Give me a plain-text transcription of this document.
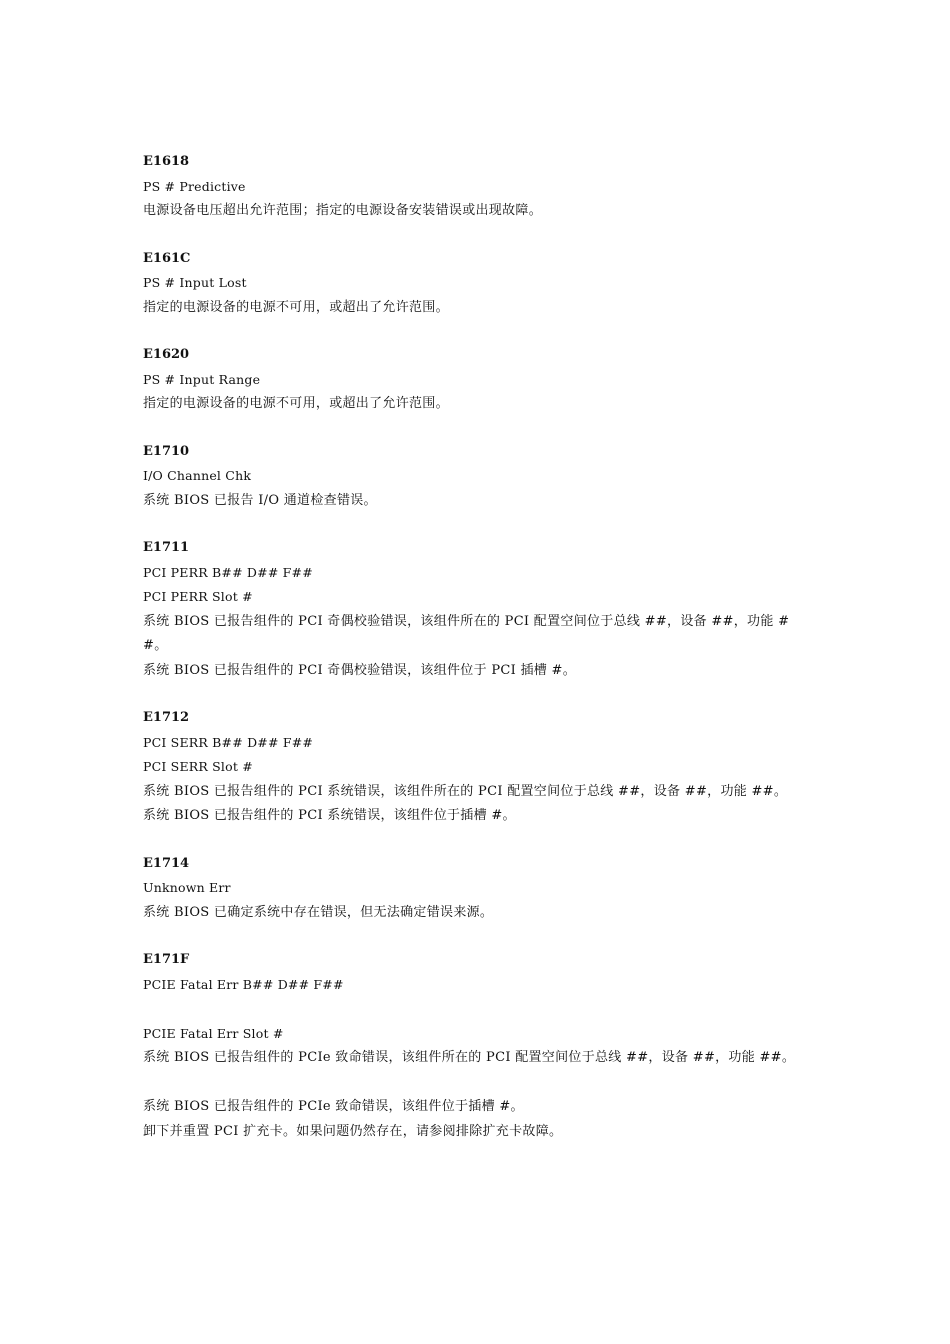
E1618
PS # Predictive
电源设备电压超出允许范围；指定的电源设备安装错误或出现故障。
E161C
PS # Input Lost
指定的电源设备的电源不可用，或超出了允许范围。
E1620
PS # Input Range
指定的电源设备的电源不可用，或超出了允许范围。
E1710
I/O Channel Chk
系统 BIOS 已报告 I/O 通道检查错误。
E1711
PCI PERR B## D## F##
PCI PERR Slot #
系统 BIOS 已报告组件的 PCI 奇偶校验错误，该组件所在的 PCI 配置空间位于总线 ##，设备 ##，功能 ##。
系统 BIOS 已报告组件的 PCI 奇偶校验错误，该组件位于 PCI 插槽 #。
E1712
PCI SERR B## D## F##
PCI SERR Slot #
系统 BIOS 已报告组件的 PCI 系统错误，该组件所在的 PCI 配置空间位于总线 ##，设备 ##，功能 ##。
系统 BIOS 已报告组件的 PCI 系统错误，该组件位于插槽 #。
E1714
Unknown Err
系统 BIOS 已确定系统中存在错误，但无法确定错误来源。
E171F
PCIE Fatal Err B## D## F##
PCIE Fatal Err Slot #
系统 BIOS 已报告组件的 PCIe 致命错误，该组件所在的 PCI 配置空间位于总线 ##，设备 ##，功能 ##。
系统 BIOS 已报告组件的 PCIe 致命错误，该组件位于插槽 #。
卸下并重置 PCI 扩充卡。如果问题仍然存在，请参阅排除扩充卡故障。
